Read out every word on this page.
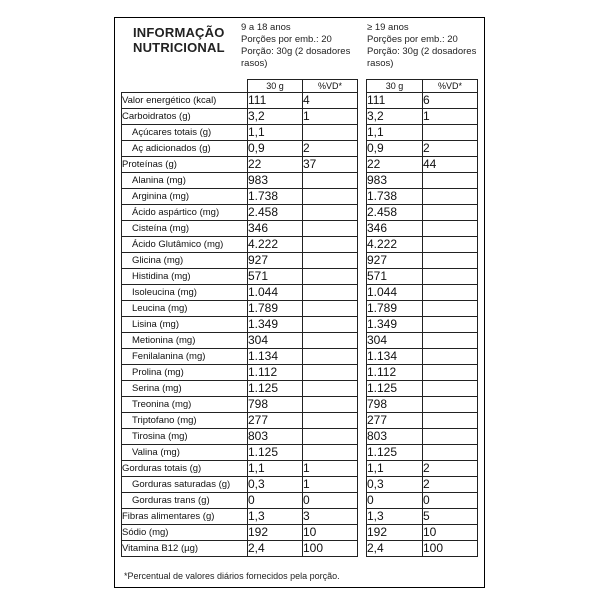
INFORMAÇÃO
NUTRICIONAL
9 a 18 anos
Porções por emb.: 20
Porção: 30g (2 dosadores
rasos)
≥ 19 anos
Porções por emb.: 20
Porção: 30g (2 dosadores
rasos)
	30 g	%VD*
Valor energético (kcal)	111	4
Carboidratos (g)	3,2	1
Açúcares totais (g)	1,1	
Aç adicionados (g)	0,9	2
Proteínas (g)	22	37
Alanina (mg)	983	
Arginina (mg)	1.738	
Ácido aspártico (mg)	2.458	
Cisteína (mg)	346	
Ácido Glutâmico (mg)	4.222	
Glicina (mg)	927	
Histidina (mg)	571	
Isoleucina (mg)	1.044	
Leucina (mg)	1.789	
Lisina (mg)	1.349	
Metionina (mg)	304	
Fenilalanina (mg)	1.134	
Prolina (mg)	1.112	
Serina (mg)	1.125	
Treonina (mg)	798	
Triptofano (mg)	277	
Tirosina (mg)	803	
Valina (mg)	1.125	
Gorduras totais (g)	1,1	1
Gorduras saturadas (g)	0,3	1
Gorduras trans (g)	0	0
Fibras alimentares (g)	1,3	3
Sódio (mg)	192	10
Vitamina B12 (µg)	2,4	100
30 g	%VD*
111	6
3,2	1
1,1	
0,9	2
22	44
983	
1.738	
2.458	
346	
4.222	
927	
571	
1.044	
1.789	
1.349	
304	
1.134	
1.112	
1.125	
798	
277	
803	
1.125	
1,1	2
0,3	2
0	0
1,3	5
192	10
2,4	100

*Percentual de valores diários fornecidos pela porção.
